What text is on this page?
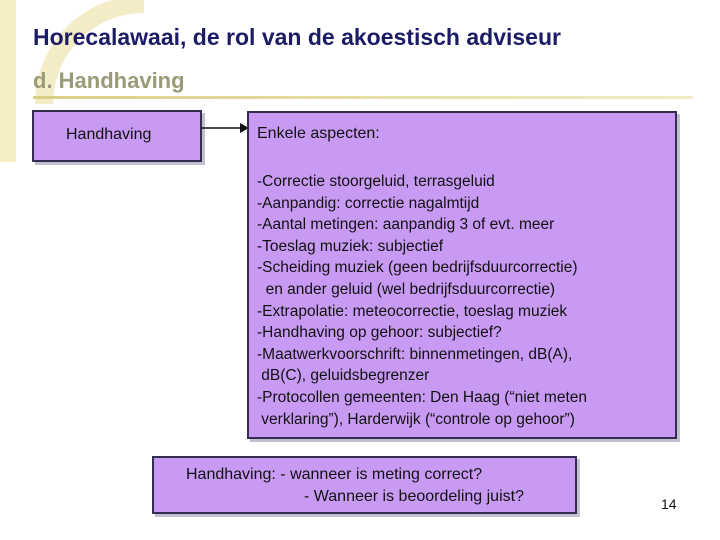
Horecalawaai, de rol van de akoestisch adviseur
d. Handhaving
Handhaving	Enkele aspecten:
-Correctie stoorgeluid, terrasgeluid
-Aanpandig: correctie nagalmtijd
-Aantal metingen: aanpandig 3 of evt. meer
-Toeslag muziek: subjectief
-Scheiding muziek (geen bedrijfsduurcorrectie)
en ander geluid (wel bedrijfsduurcorrectie)
-Extrapolatie: meteocorrectie, toeslag muziek
-Handhaving op gehoor: subjectief?
-Maatwerkvoorschrift: binnenmetingen, dB(A),
dB(C), geluidsbegrenzer
-Protocollen gemeenten: Den Haag (“niet meten
verklaring”), Harderwijk (“controle op gehoor”)
Handhaving: - wanneer is meting correct?
- Wanneer is beoordeling juist?	14
